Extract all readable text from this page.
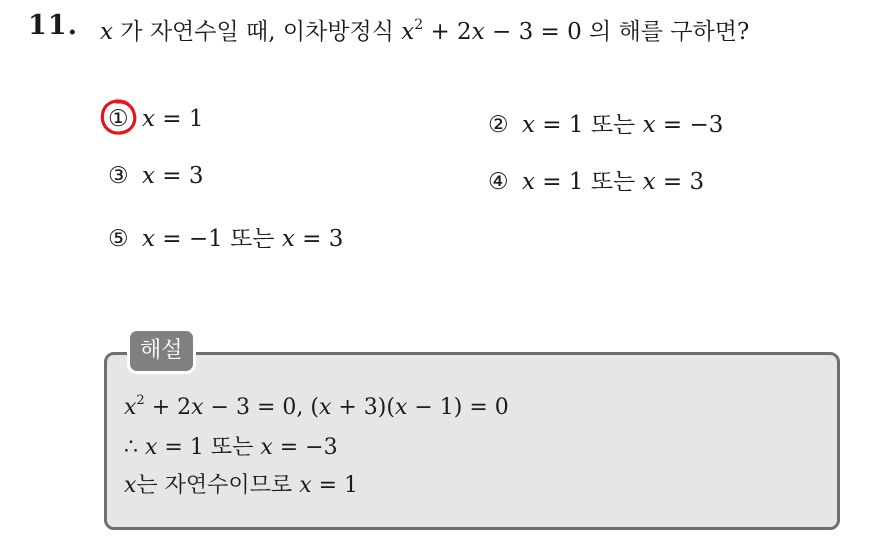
11. x 가 자연수일 때, 이차방정식 $x^2 + 2x - 3 = 0$ 의 해를 구하면?
① x = 1	② x = 1 또는 x = −3
③ x = 3	④ x = 1 또는 x = 3
⑤ x = −1 또는 x = 3
해설
$x^2 + 2x - 3 = 0$, (x + 3)(x − 1) = 0
∴ x = 1 또는 x = −3
x는 자연수이므로 x = 1
